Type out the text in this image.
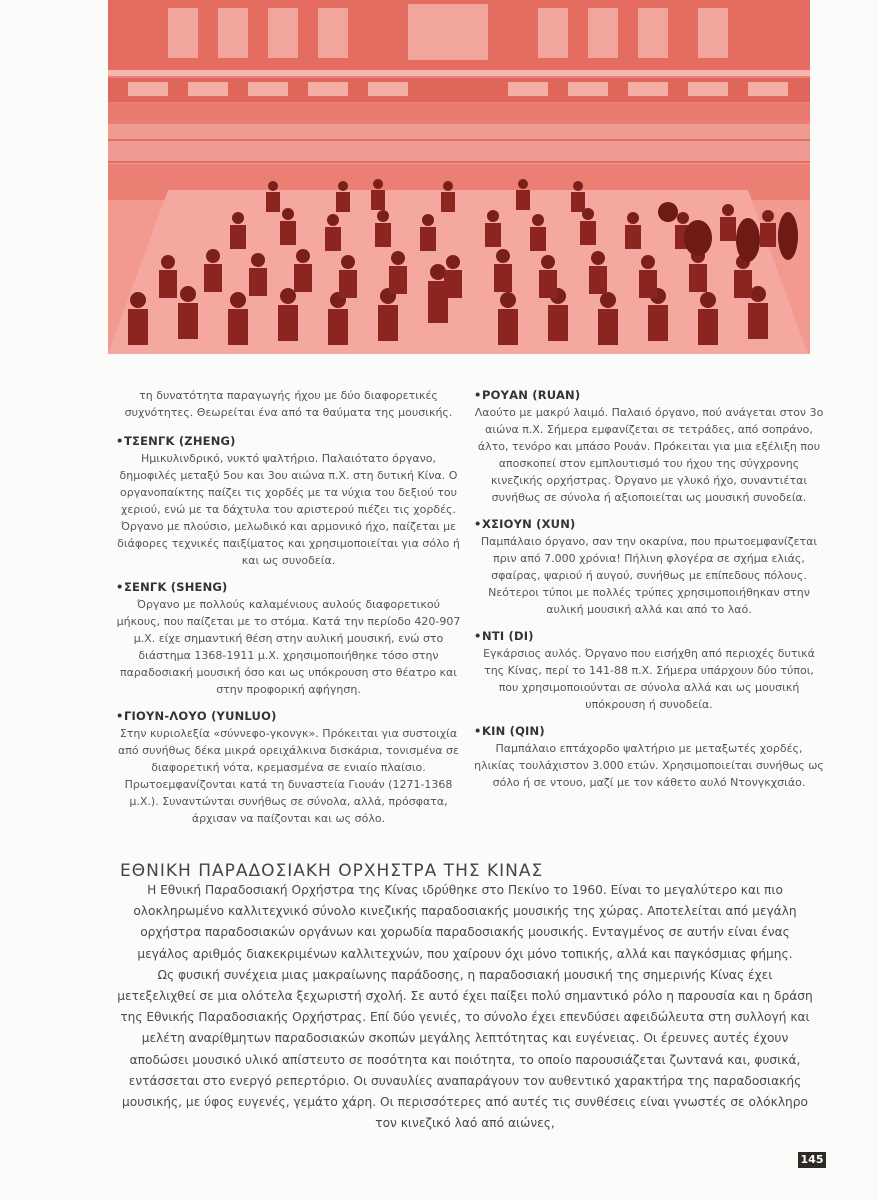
τη δυνατότητα παραγωγής ήχου με δύο διαφορετικές συχνότητες. Θεωρείται ένα από τα θαύματα της μουσικής.

•ΤΣΕΝΓΚ (ZHENG)

Ημικυλινδρικό, νυκτό ψαλτήριο. Παλαιότατο όργανο, δημοφιλές μεταξύ 5ου και 3ου αιώνα π.Χ. στη δυτική Κίνα. Ο οργανοπαίκτης παίζει τις χορδές με τα νύχια του δεξιού του χεριού, ενώ με τα δάχτυλα του αριστερού πιέζει τις χορδές. Όργανο με πλούσιο, μελωδικό και αρμονικό ήχο, παίζεται με διάφορες τεχνικές παιξίματος και χρησιμοποιείται για σόλο ή και ως συνοδεία.

•ΣΕΝΓΚ (SHENG)

Όργανο με πολλούς καλαμένιους αυλούς διαφορετικού μήκους, που παίζεται με το στόμα. Κατά την περίοδο 420-907 μ.Χ. είχε σημαντική θέση στην αυλική μουσική, ενώ στο διάστημα 1368-1911 μ.Χ. χρησιμοποιήθηκε τόσο στην παραδοσιακή μουσική όσο και ως υπόκρουση στο θέατρο και στην προφορική αφήγηση.

•ΓΙΟΥΝ-ΛΟΥΟ (YUNLUO)

Στην κυριολεξία «σύννεφο-γκονγκ». Πρόκειται για συστοιχία από συνήθως δέκα μικρά ορειχάλκινα δισκάρια, τονισμένα σε διαφορετική νότα, κρεμασμένα σε ενιαίο πλαίσιο. Πρωτοεμφανίζονται κατά τη δυναστεία Γιουάν (1271-1368 μ.Χ.). Συναντώνται συνήθως σε σύνολα, αλλά, πρόσφατα, άρχισαν να παίζονται και ως σόλο.

•ΡΟΥΑΝ (RUAN)

Λαούτο με μακρύ λαιμό. Παλαιό όργανο, πού ανάγεται στον 3ο αιώνα π.Χ. Σήμερα εμφανίζεται σε τετράδες, από σοπράνο, άλτο, τενόρο και μπάσο Ρουάν. Πρόκειται για μια εξέλιξη που αποσκοπεί στον εμπλουτισμό του ήχου της σύγχρονης κινεζικής ορχήστρας. Όργανο με γλυκό ήχο, συναντιέται συνήθως σε σύνολα ή αξιοποιείται ως μουσική συνοδεία.

•ΧΣΙΟΥΝ (XUN)

Παμπάλαιο όργανο, σαν την οκαρίνα, που πρωτοεμφανίζεται πριν από 7.000 χρόνια! Πήλινη φλογέρα σε σχήμα ελιάς, σφαίρας, ψαριού ή αυγού, συνήθως με επίπεδους πόλους. Νεότεροι τύποι με πολλές τρύπες χρησιμοποιήθηκαν στην αυλική μουσική αλλά και από το λαό.

•ΝΤΙ (DI)

Εγκάρσιος αυλός. Όργανο που εισήχθη από περιοχές δυτικά της Κίνας, περί το 141-88 π.Χ. Σήμερα υπάρχουν δύο τύποι, που χρησιμοποιούνται σε σύνολα αλλά και ως μουσική υπόκρουση ή συνοδεία.

•ΚΙΝ (QIN)

Παμπάλαιο επτάχορδο ψαλτήριο με μεταξωτές χορδές, ηλικίας τουλάχιστον 3.000 ετών. Χρησιμοποιείται συνήθως ως σόλο ή σε ντουο, μαζί με τον κάθετο αυλό Ντονγκχσιάο.

ΕΘΝΙΚΗ ΠΑΡΑΔΟΣΙΑΚΗ ΟΡΧΗΣΤΡΑ ΤΗΣ ΚΙΝΑΣ

Η Εθνική Παραδοσιακή Ορχήστρα της Κίνας ιδρύθηκε στο Πεκίνο το 1960. Είναι το μεγαλύτερο και πιο ολοκληρωμένο καλλιτεχνικό σύνολο κινεζικής παραδοσιακής μουσικής της χώρας. Αποτελείται από μεγάλη ορχήστρα παραδοσιακών οργάνων και χορωδία παραδοσιακής μουσικής. Ενταγμένος σε αυτήν είναι ένας μεγάλος αριθμός διακεκριμένων καλλιτεχνών, που χαίρουν όχι μόνο τοπικής, αλλά και παγκόσμιας φήμης.

Ως φυσική συνέχεια μιας μακραίωνης παράδοσης, η παραδοσιακή μουσική της σημερινής Κίνας έχει μετεξελιχθεί σε μια ολότελα ξεχωριστή σχολή. Σε αυτό έχει παίξει πολύ σημαντικό ρόλο η παρουσία και η δράση της Εθνικής Παραδοσιακής Ορχήστρας. Επί δύο γενιές, το σύνολο έχει επενδύσει αφειδώλευτα στη συλλογή και μελέτη αναρίθμητων παραδοσιακών σκοπών μεγάλης λεπτότητας και ευγένειας. Οι έρευνες αυτές έχουν αποδώσει μουσικό υλικό απίστευτο σε ποσότητα και ποιότητα, το οποίο παρουσιάζεται ζωντανά και, φυσικά, εντάσσεται στο ενεργό ρεπερτόριο. Οι συναυλίες αναπαράγουν τον αυθεντικό χαρακτήρα της παραδοσιακής μουσικής, με ύφος ευγενές, γεμάτο χάρη. Οι περισσότερες από αυτές τις συνθέσεις είναι γνωστές σε ολόκληρο τον κινεζικό λαό από αιώνες,

145
